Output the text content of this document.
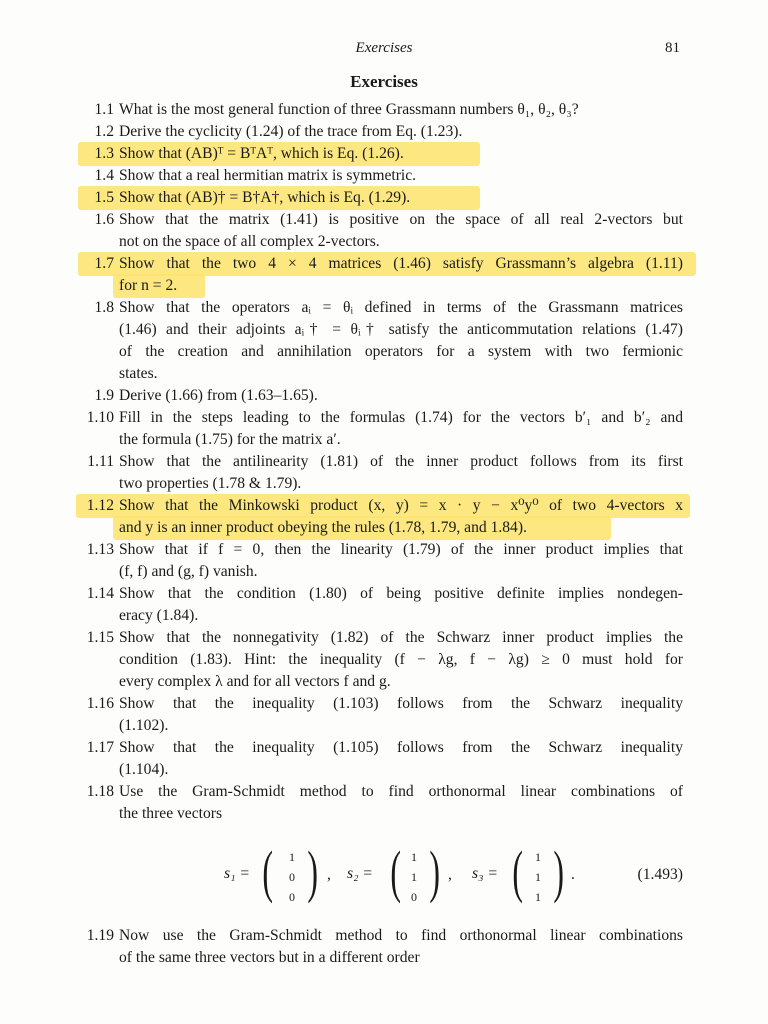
Exercises	81
Exercises
1.1 What is the most general function of three Grassmann numbers θ₁, θ₂, θ₃?
1.2 Derive the cyclicity (1.24) of the trace from Eq. (1.23).
1.3 Show that (AB)ᵀ = BᵀAᵀ, which is Eq. (1.26).
1.4 Show that a real hermitian matrix is symmetric.
1.5 Show that (AB)† = B†A†, which is Eq. (1.29).
1.6 Show that the matrix (1.41) is positive on the space of all real 2-vectors but
not on the space of all complex 2-vectors.
1.7 Show that the two 4 × 4 matrices (1.46) satisfy Grassmann’s algebra (1.11)
for n = 2.
1.8 Show that the operators aᵢ = θᵢ defined in terms of the Grassmann matrices
(1.46) and their adjoints aᵢ† = θᵢ† satisfy the anticommutation relations (1.47)
of the creation and annihilation operators for a system with two fermionic
states.
1.9 Derive (1.66) from (1.63–1.65).
1.10 Fill in the steps leading to the formulas (1.74) for the vectors b′₁ and b′₂ and
the formula (1.75) for the matrix a′.
1.11 Show that the antilinearity (1.81) of the inner product follows from its first
two properties (1.78 & 1.79).
1.12 Show that the Minkowski product (x, y) = x · y − x⁰y⁰ of two 4-vectors x
and y is an inner product obeying the rules (1.78, 1.79, and 1.84).
1.13 Show that if f = 0, then the linearity (1.79) of the inner product implies that
(f, f) and (g, f) vanish.
1.14 Show that the condition (1.80) of being positive definite implies nondegen-
eracy (1.84).
1.15 Show that the nonnegativity (1.82) of the Schwarz inner product implies the
condition (1.83). Hint: the inequality (f − λg, f − λg) ≥ 0 must hold for
every complex λ and for all vectors f and g.
1.16 Show that the inequality (1.103) follows from the Schwarz inequality
(1.102).
1.17 Show that the inequality (1.105) follows from the Schwarz inequality
(1.104).
1.18 Use the Gram-Schmidt method to find orthonormal linear combinations of
the three vectors
1.19 Now use the Gram-Schmidt method to find orthonormal linear combinations
of the same three vectors but in a different order
s₁ = (	1
0
0 ) , s₂ = ( 1
1
0 ) , s₃ = (	1
1
1 ) .	(1.493)
